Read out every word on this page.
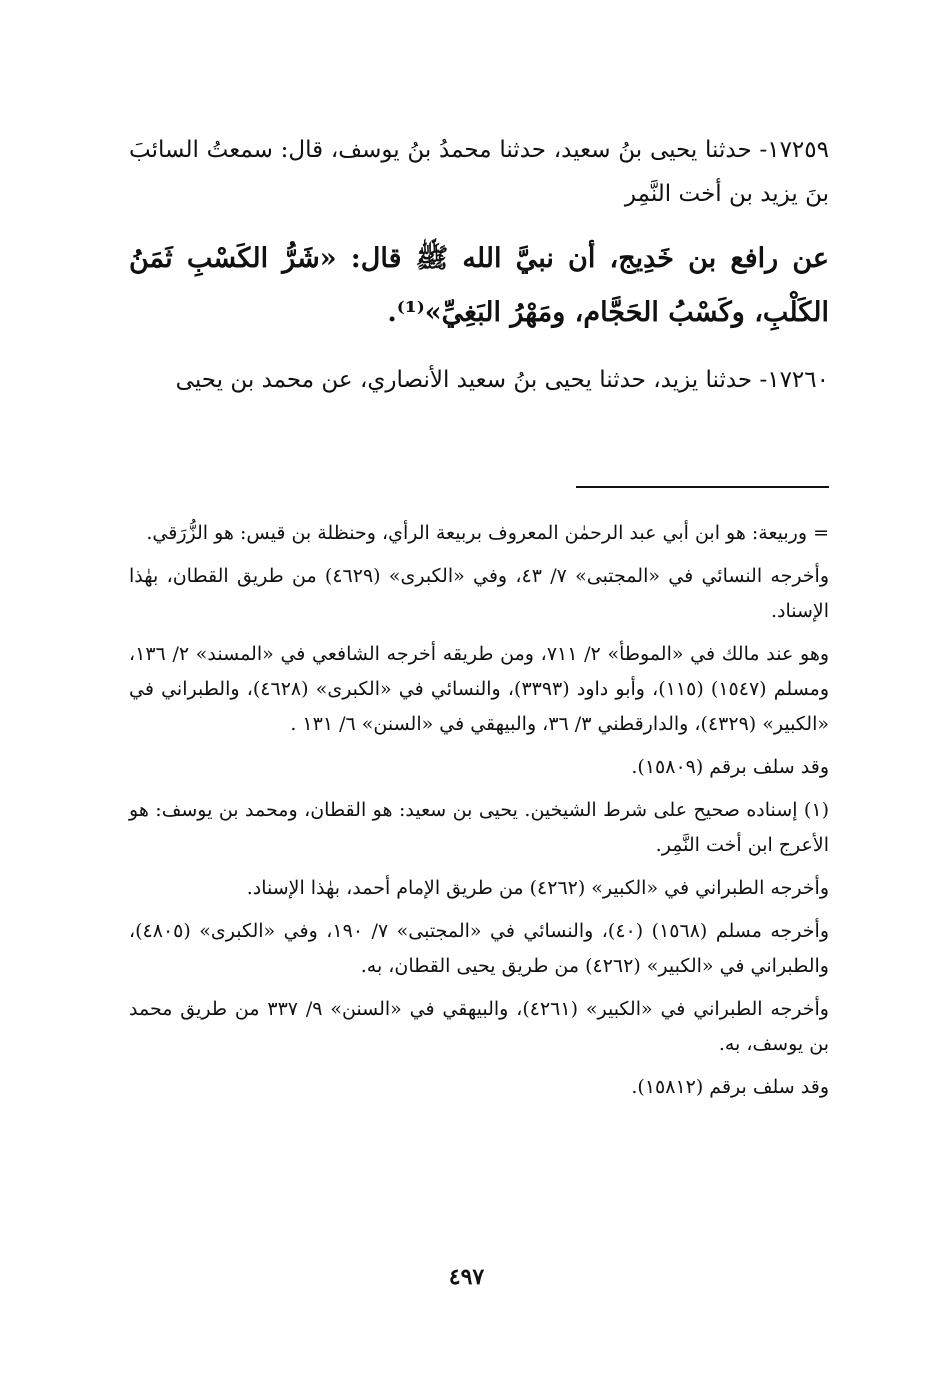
١٧٢٥٩- حدثنا يحيى بنُ سعيد، حدثنا محمدُ بنُ يوسف، قال: سمعتُ السائبَ بنَ يزيد بن أخت النَّمِر

عن رافع بن خَدِيج، أن نبيَّ الله ﷺ قال: «شَرُّ الكَسْبِ ثَمَنُ الكَلْبِ، وكَسْبُ الحَجَّام، ومَهْرُ البَغِيِّ»⁽¹⁾.

١٧٢٦٠- حدثنا يزيد، حدثنا يحيى بنُ سعيد الأنصاري، عن محمد بن يحيى

= وربيعة: هو ابن أبي عبد الرحمٰن المعروف بربيعة الرأي، وحنظلة بن قيس: هو الزُّرَقي.

وأخرجه النسائي في «المجتبى» ٧/ ٤٣، وفي «الكبرى» (٤٦٢٩) من طريق القطان، بهٰذا الإسناد.

وهو عند مالك في «الموطأ» ٢/ ٧١١، ومن طريقه أخرجه الشافعي في «المسند» ٢/ ١٣٦، ومسلم (١٥٤٧) (١١٥)، وأبو داود (٣٣٩٣)، والنسائي في «الكبرى» (٤٦٢٨)، والطبراني في «الكبير» (٤٣٢٩)، والدارقطني ٣/ ٣٦، والبيهقي في «السنن» ٦/ ١٣١ .

وقد سلف برقم (١٥٨٠٩).

(١) إسناده صحيح على شرط الشيخين. يحيى بن سعيد: هو القطان، ومحمد بن يوسف: هو الأعرج ابن أخت النَّمِر.

وأخرجه الطبراني في «الكبير» (٤٢٦٢) من طريق الإمام أحمد، بهٰذا الإسناد.

وأخرجه مسلم (١٥٦٨) (٤٠)، والنسائي في «المجتبى» ٧/ ١٩٠، وفي «الكبرى» (٤٨٠٥)، والطبراني في «الكبير» (٤٢٦٢) من طريق يحيى القطان، به.

وأخرجه الطبراني في «الكبير» (٤٢٦١)، والبيهقي في «السنن» ٩/ ٣٣٧ من طريق محمد بن يوسف، به.

وقد سلف برقم (١٥٨١٢).

٤٩٧
